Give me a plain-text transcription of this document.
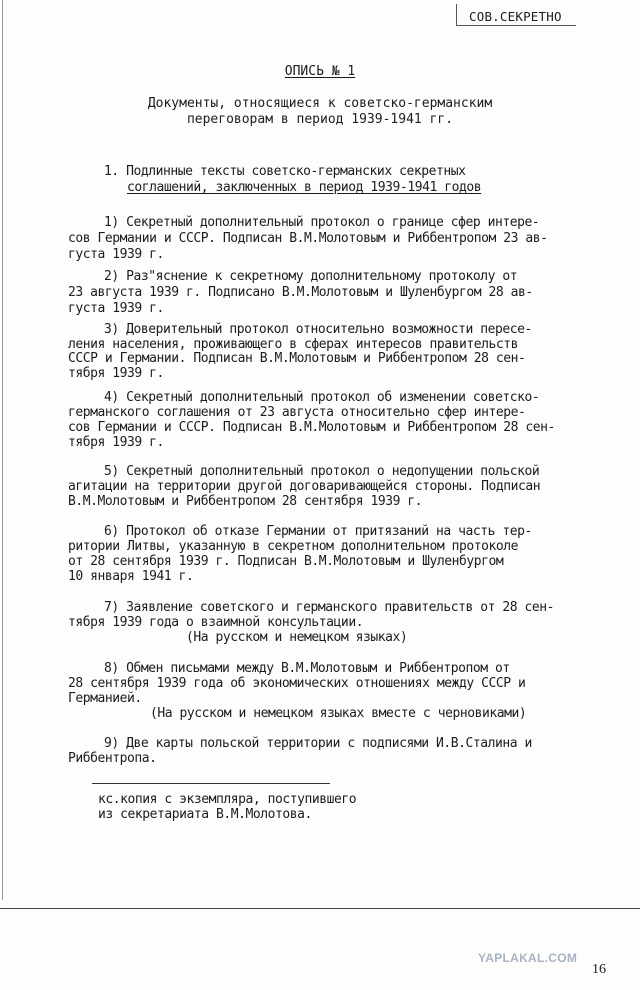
СОВ.СЕКРЕТНО
ОПИСЬ № 1
Документы, относящиеся к советско-германским
переговорам в период 1939-1941 гг.
1. Подлинные тексты советско-германских секретных
соглашений, заключенных в период 1939-1941 годов
1) Секретный дополнительный протокол о границе сфер интере-
сов Германии и СССР. Подписан В.М.Молотовым и Риббентропом 23 ав-
густа 1939 г.
2) Раз"яснение к секретному дополнительному протоколу от
23 августа 1939 г. Подписано В.М.Молотовым и Шуленбургом 28 ав-
густа 1939 г.
3) Доверительный протокол относительно возможности пересе-
ления населения, проживающего в сферах интересов правительств
СССР и Германии. Подписан В.М.Молотовым и Риббентропом 28 сен-
тября 1939 г.
4) Секретный дополнительный протокол об изменении советско-
германского соглашения от 23 августа относительно сфер интере-
сов Германии и СССР. Подписан В.М.Молотовым и Риббентропом 28 сен-
тября 1939 г.
5) Секретный дополнительный протокол о недопущении польской
агитации на территории другой договаривающейся стороны. Подписан
В.М.Молотовым и Риббентропом 28 сентября 1939 г.
6) Протокол об отказе Германии от притязаний на часть тер-
ритории Литвы, указанную в секретном дополнительном протоколе
от 28 сентября 1939 г. Подписан В.М.Молотовым и Шуленбургом
10 января 1941 г.
7) Заявление советского и германского правительств от 28 сен-
тября 1939 года о взаимной консультации.
(На русском и немецком языках)
8) Обмен письмами между В.М.Молотовым и Риббентропом от
28 сентября 1939 года об экономических отношениях между СССР и
Германией.
(На русском и немецком языках вместе с черновиками)
9) Две карты польской территории с подписями И.В.Сталина и
Риббентропа.
кс.копия с экземпляра, поступившего
из секретариата В.М.Молотова.
YAPLAKAL.COM
16
